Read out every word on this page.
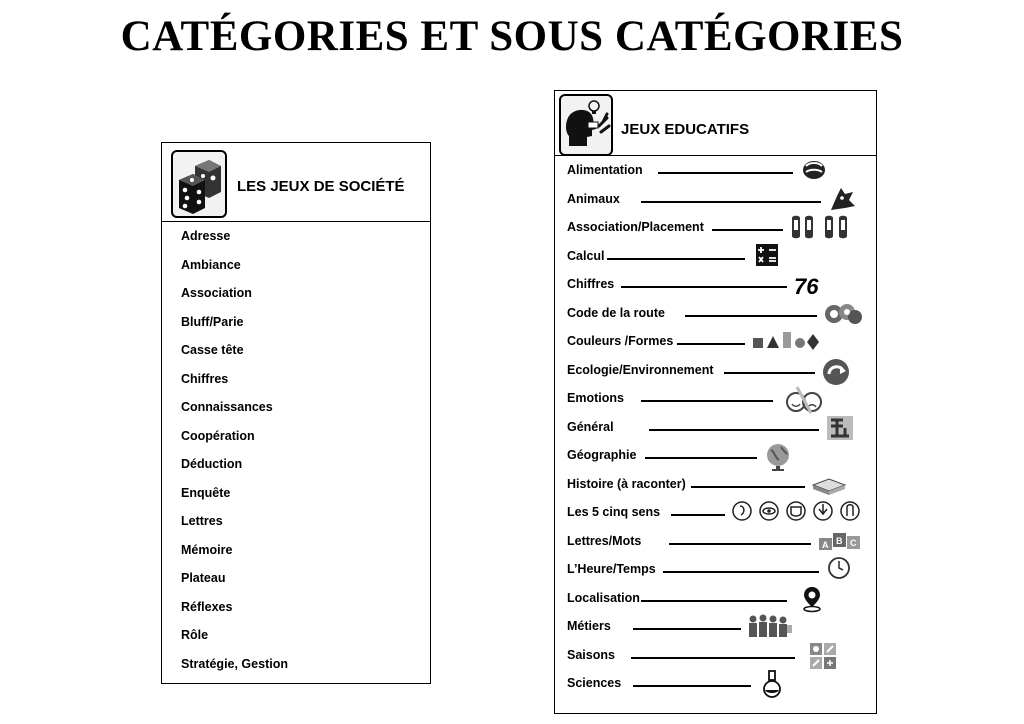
CATÉGORIES ET SOUS CATÉGORIES
LES JEUX DE SOCIÉTÉ
Adresse
Ambiance
Association
Bluff/Parie
Casse tête
Chiffres
Connaissances
Coopération
Déduction
Enquête
Lettres
Mémoire
Plateau
Réflexes
Rôle
Stratégie, Gestion
JEUX EDUCATIFS
Alimentation
Animaux
Association/Placement
Calcul
Chiffres	76
Code de la route
Couleurs /Formes
Ecologie/Environnement
Emotions
Général
Géographie
Histoire (à raconter)
Les 5 cinq sens
Lettres/Mots	A B C
L’Heure/Temps
Localisation
Métiers
Saisons
Sciences
